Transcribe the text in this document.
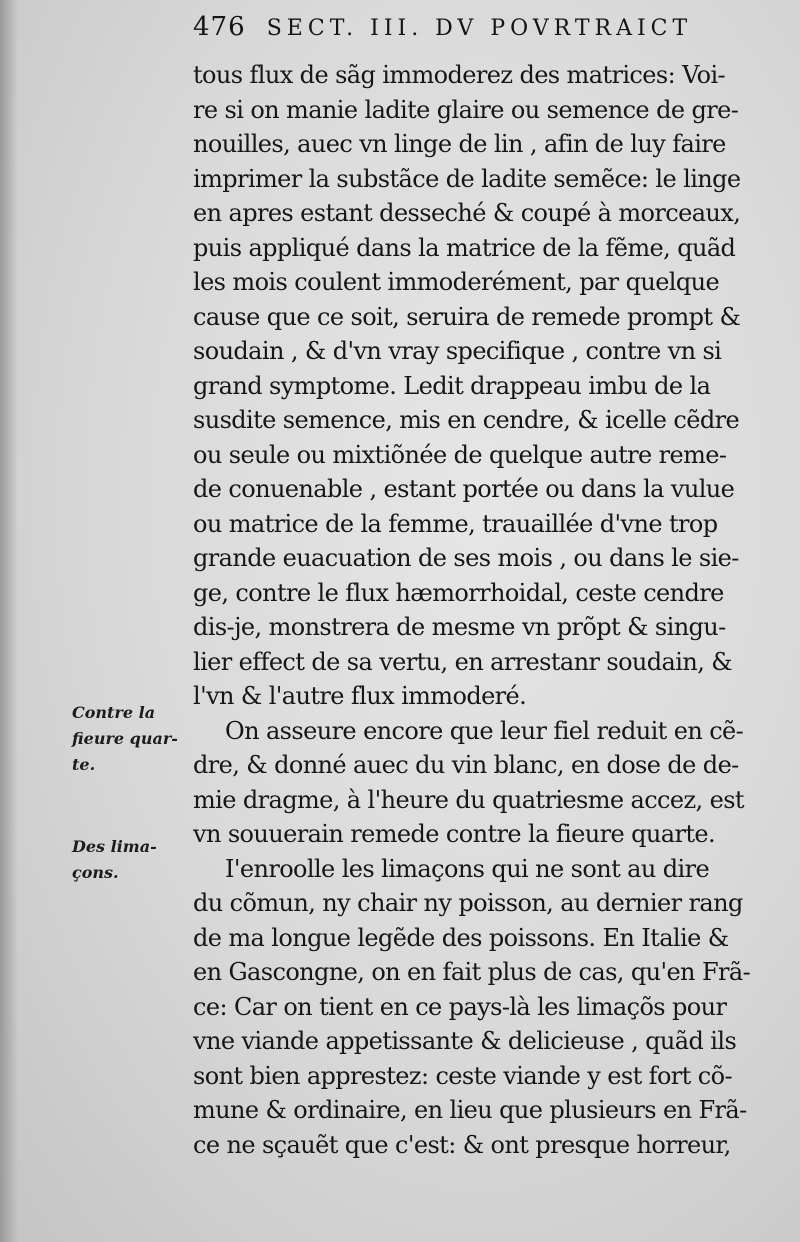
476 SECT. III. DV POVRTRAICT
Contre la
fieure quar-
te.
Des lima-
çons.
tous flux de sãg immoderez des matrices: Voi-
re si on manie ladite glaire ou semence de gre-
nouilles, auec vn linge de lin , afin de luy faire
imprimer la substãce de ladite semẽce: le linge
en apres estant desseché & coupé à morceaux,
puis appliqué dans la matrice de la fẽme, quãd
les mois coulent immoderément, par quelque
cause que ce soit, seruira de remede prompt &
soudain , & d'vn vray specifique , contre vn si
grand symptome. Ledit drappeau imbu de la
susdite semence, mis en cendre, & icelle cẽdre
ou seule ou mixtiõnée de quelque autre reme-
de conuenable , estant portée ou dans la vulue
ou matrice de la femme, trauaillée d'vne trop
grande euacuation de ses mois , ou dans le sie-
ge, contre le flux hæmorrhoidal, ceste cendre
dis-je, monstrera de mesme vn prõpt & singu-
lier effect de sa vertu, en arrestanr soudain, &
l'vn & l'autre flux immoderé.
On asseure encore que leur fiel reduit en cẽ-
dre, & donné auec du vin blanc, en dose de de-
mie dragme, à l'heure du quatriesme accez, est
vn souuerain remede contre la fieure quarte.
I'enroolle les limaçons qui ne sont au dire
du cõmun, ny chair ny poisson, au dernier rang
de ma longue legẽde des poissons. En Italie &
en Gascongne, on en fait plus de cas, qu'en Frã-
ce: Car on tient en ce pays-là les limaçõs pour
vne viande appetissante & delicieuse , quãd ils
sont bien apprestez: ceste viande y est fort cõ-
mune & ordinaire, en lieu que plusieurs en Frã-
ce ne sçauẽt que c'est: & ont presque horreur,
